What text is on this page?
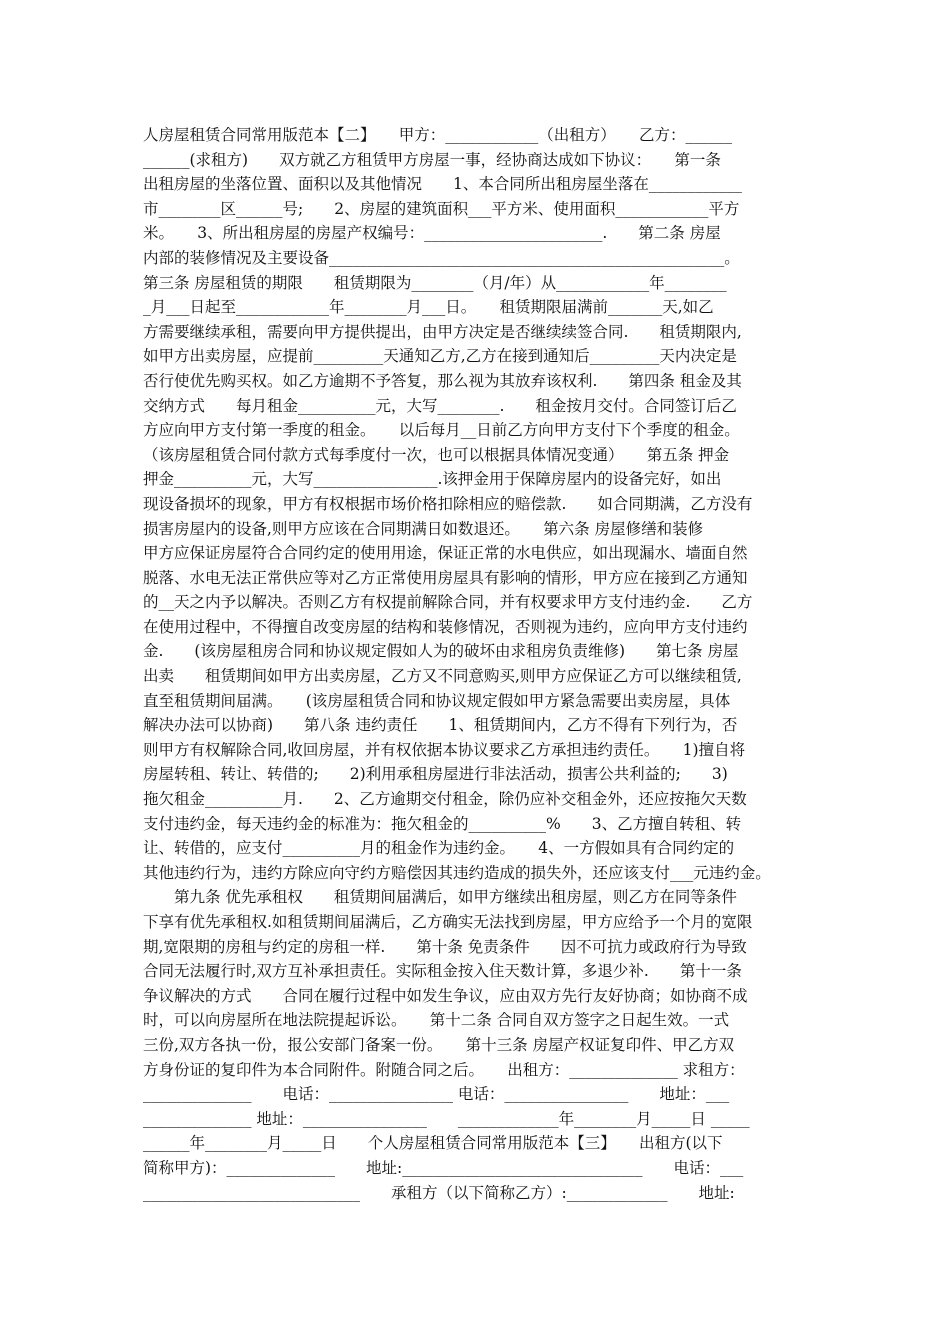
人房屋租赁合同常用版范本【二】　　甲方：____________（出租方）　　乙方：______
______(求租方)　　双方就乙方租赁甲方房屋一事，经协商达成如下协议：　　第一条
出租房屋的坐落位置、面积以及其他情况　　1、本合同所出租房屋坐落在____________
市________区______号;　　2、房屋的建筑面积___平方米、使用面积____________平方
米。　　3、所出租房屋的房屋产权编号：_______________________.　　第二条 房屋
内部的装修情况及主要设备___________________________________________________。
第三条 房屋租赁的期限　　租赁期限为________（月/年）从____________年________
_月___日起至____________年________月___日。　　租赁期限届满前_______天,如乙
方需要继续承租，需要向甲方提供提出，由甲方决定是否继续续签合同.　　租赁期限内,
如甲方出卖房屋，应提前_________天通知乙方,乙方在接到通知后_________天内决定是
否行使优先购买权。如乙方逾期不予答复，那么视为其放弃该权利.　　第四条 租金及其
交纳方式　　每月租金__________元，大写________.　　租金按月交付。合同签订后乙
方应向甲方支付第一季度的租金。　　以后每月__日前乙方向甲方支付下个季度的租金。
（该房屋租赁合同付款方式每季度付一次，也可以根据具体情况变通）　　第五条 押金
押金__________元，大写________________.该押金用于保障房屋内的设备完好，如出
现设备损坏的现象，甲方有权根据市场价格扣除相应的赔偿款.　　如合同期满，乙方没有
损害房屋内的设备,则甲方应该在合同期满日如数退还。　　第六条 房屋修缮和装修
甲方应保证房屋符合合同约定的使用用途，保证正常的水电供应，如出现漏水、墙面自然
脱落、水电无法正常供应等对乙方正常使用房屋具有影响的情形，甲方应在接到乙方通知
的__天之内予以解决。否则乙方有权提前解除合同，并有权要求甲方支付违约金.　　乙方
在使用过程中，不得擅自改变房屋的结构和装修情况，否则视为违约，应向甲方支付违约
金.　　(该房屋租房合同和协议规定假如人为的破坏由求租房负责维修)　　第七条 房屋
出卖　　租赁期间如甲方出卖房屋，乙方又不同意购买,则甲方应保证乙方可以继续租赁,
直至租赁期间届满。　　(该房屋租赁合同和协议规定假如甲方紧急需要出卖房屋，具体
解决办法可以协商)　　第八条 违约责任　　1、租赁期间内，乙方不得有下列行为，否
则甲方有权解除合同,收回房屋，并有权依据本协议要求乙方承担违约责任。　　1)擅自将
房屋转租、转让、转借的;　　2)利用承租房屋进行非法活动，损害公共利益的;　　3)
拖欠租金__________月.　　2、乙方逾期交付租金，除仍应补交租金外，还应按拖欠天数
支付违约金，每天违约金的标准为：拖欠租金的__________%　　3、乙方擅自转租、转
让、转借的，应支付__________月的租金作为违约金。　　4、一方假如具有合同约定的
其他违约行为，违约方除应向守约方赔偿因其违约造成的损失外，还应该支付___元违约金。
　　第九条 优先承租权　　租赁期间届满后，如甲方继续出租房屋，则乙方在同等条件
下享有优先承租权.如租赁期间届满后，乙方确实无法找到房屋，甲方应给予一个月的宽限
期,宽限期的房租与约定的房租一样.　　第十条 免责条件　　因不可抗力或政府行为导致
合同无法履行时,双方互补承担责任。实际租金按入住天数计算，多退少补.　　第十一条
争议解决的方式　　合同在履行过程中如发生争议，应由双方先行友好协商；如协商不成
时，可以向房屋所在地法院提起诉讼。　　第十二条 合同自双方签字之日起生效。一式
三份,双方各执一份，报公安部门备案一份。　　第十三条 房屋产权证复印件、甲乙方双
方身份证的复印件为本合同附件。附随合同之后。　　出租方：______________ 求租方：
______________　　电话：________________ 电话：________________　　地址：___
______________ 地址：________________　　_____________年________月_____日 _____
______年________月_____日　　个人房屋租赁合同常用版范本【三】　　出租方(以下
简称甲方)：______________　　地址:_______________________________　　电话：___
____________________________　　承租方（以下简称乙方）:_____________　　地址:
